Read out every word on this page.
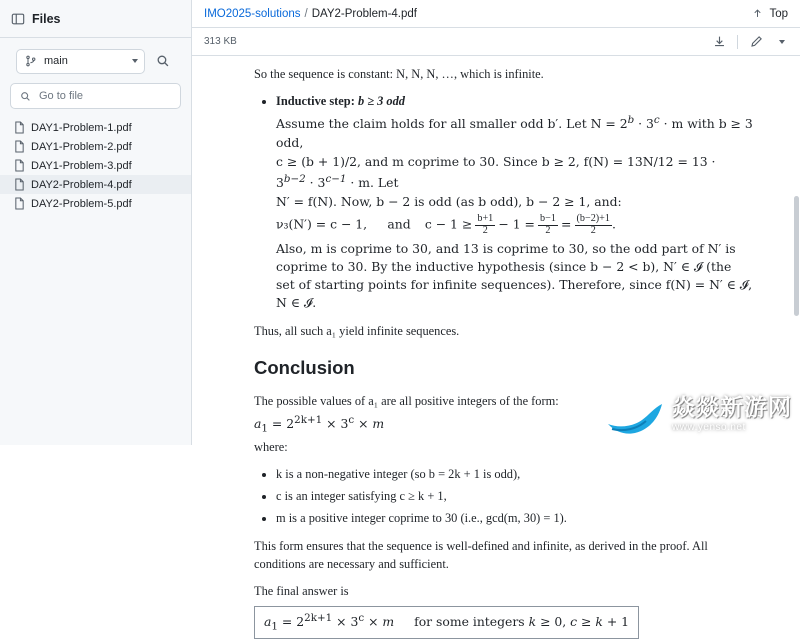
Files
main
Go to file
DAY1-Problem-1.pdf
DAY1-Problem-2.pdf
DAY1-Problem-3.pdf
DAY2-Problem-4.pdf
DAY2-Problem-5.pdf
IMO2025-solutions / DAY2-Problem-4.pdf	Top
313 KB

So the sequence is constant: N, N, N, …, which is infinite.

• Inductive step: b ≥ 3 odd
Assume the claim holds for all smaller odd b′. Let $N = 2^b \cdot 3^c \cdot m$ with b ≥ 3 odd,
c ≥ (b + 1)/2, and m coprime to 30. Since b ≥ 2, $f(N) = 13N/12 = 13 \cdot 3^{b-2} \cdot 3^{c-1} \cdot m$. Let
N′ = f(N). Now, b − 2 is odd (as b odd), b − 2 ≥ 1, and:
ν₃(N′) = c − 1, and $c - 1 \ge \frac{b+1}{2} - 1 = \frac{b-1}{2} = \frac{(b-2)+1}{2}$ .
Also, m is coprime to 30, and 13 is coprime to 30, so the odd part of N′ is coprime to 30. By the inductive hypothesis (since b − 2 < b), N′ ∈ 𝓘 (the set of starting points for infinite sequences). Therefore, since f(N) = N′ ∈ 𝓘, N ∈ 𝓘.

Thus, all such a₁ yield infinite sequences.

Conclusion

The possible values of a₁ are all positive integers of the form:

$a_1 = 2^{2k+1} \times 3^c \times m$

where:

• k is a non-negative integer (so b = 2k + 1 is odd),
• c is an integer satisfying c ≥ k + 1,
• m is a positive integer coprime to 30 (i.e., gcd(m, 30) = 1).

This form ensures that the sequence is well-defined and infinite, as derived in the proof. All conditions are necessary and sufficient.

The final answer is

$a_1 = 2^{2k+1} \times 3^c \times m$ for some integers k ≥ 0, c ≥ k + 1
焱燚新游网
www.yenso.net
